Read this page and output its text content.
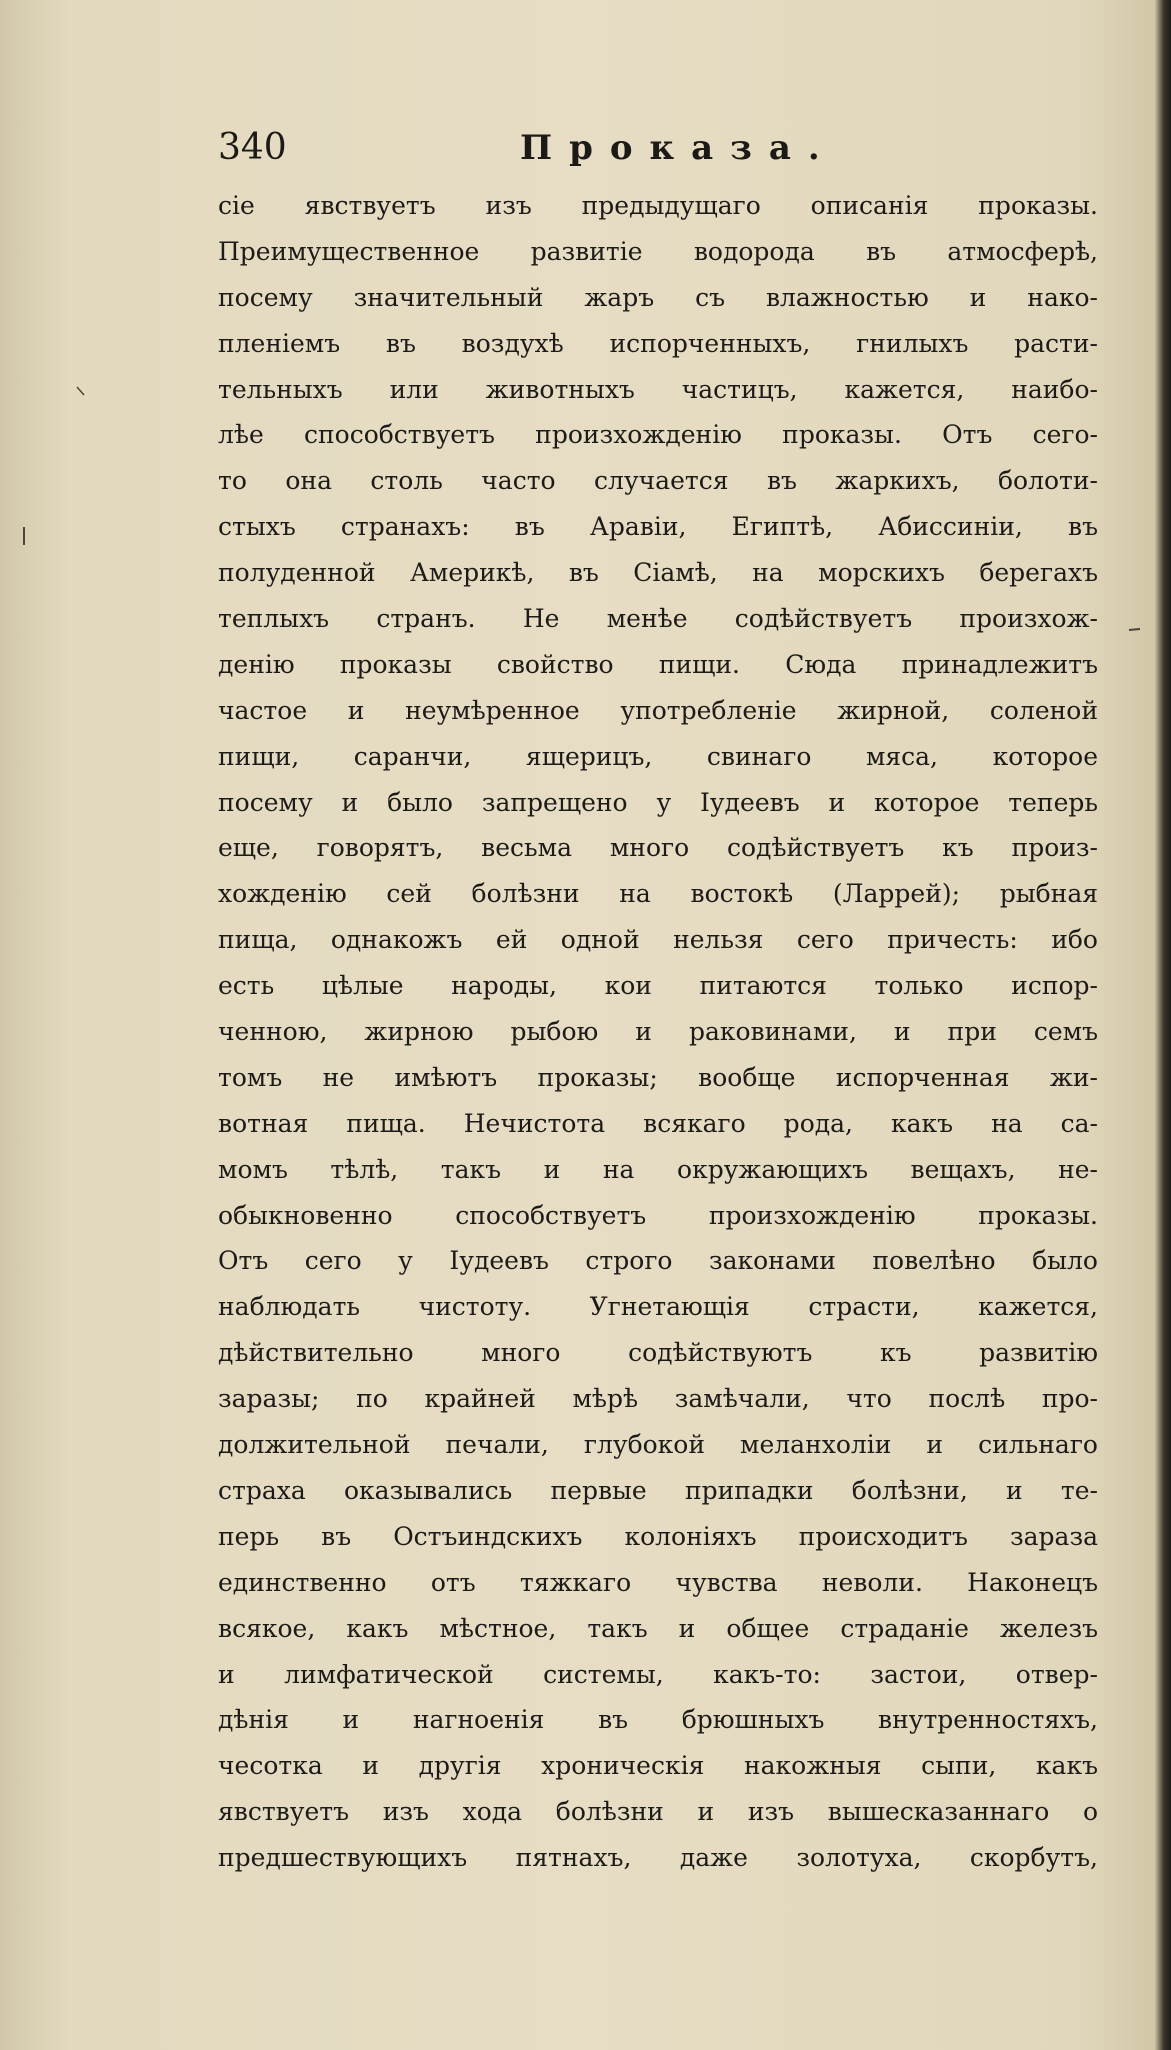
340	Проказа.
сіе явствуетъ изъ предыдущаго описанія проказы.
Преимущественное развитіе водорода въ атмосферѣ,
посему значительный жаръ съ влажностью и нако-
пленіемъ въ воздухѣ испорченныхъ, гнилыхъ расти-
тельныхъ или животныхъ частицъ, кажется, наибо-
лѣе способствуетъ произхожденію проказы. Отъ сего-
то она столь часто случается въ жаркихъ, болоти-
стыхъ странахъ: въ Аравіи, Египтѣ, Абиссиніи, въ
полуденной Америкѣ, въ Сіамѣ, на морскихъ берегахъ
теплыхъ странъ. Не менѣе содѣйствуетъ произхож-
денію проказы свойство пищи. Сюда принадлежитъ
частое и неумѣренное употребленіе жирной, соленой
пищи, саранчи, ящерицъ, свинаго мяса, которое
посему и было запрещено у Іудеевъ и которое теперь
еще, говорятъ, весьма много содѣйствуетъ къ произ-
хожденію сей болѣзни на востокѣ (Ларрей); рыбная
пища, однакожъ ей одной нельзя сего причесть: ибо
есть цѣлые народы, кои питаются только испор-
ченною, жирною рыбою и раковинами, и при семъ
томъ не имѣютъ проказы; вообще испорченная жи-
вотная пища. Нечистота всякаго рода, какъ на са-
момъ тѣлѣ, такъ и на окружающихъ вещахъ, не-
обыкновенно способствуетъ произхожденію проказы.
Отъ сего у Іудеевъ строго законами повелѣно было
наблюдать чистоту. Угнетающія страсти, кажется,
дѣйствительно много содѣйствуютъ къ развитію
заразы; по крайней мѣрѣ замѣчали, что послѣ про-
должительной печали, глубокой меланхоліи и сильнаго
страха оказывались первые припадки болѣзни, и те-
перь въ Остъиндскихъ колоніяхъ происходитъ зараза
единственно отъ тяжкаго чувства неволи. Наконецъ
всякое, какъ мѣстное, такъ и общее страданіе железъ
и лимфатической системы, какъ-то: застои, отвер-
дѣнія и нагноенія въ брюшныхъ внутренностяхъ,
чесотка и другія хроническія накожныя сыпи, какъ
явствуетъ изъ хода болѣзни и изъ вышесказаннаго о
предшествующихъ пятнахъ, даже золотуха, скорбутъ,
